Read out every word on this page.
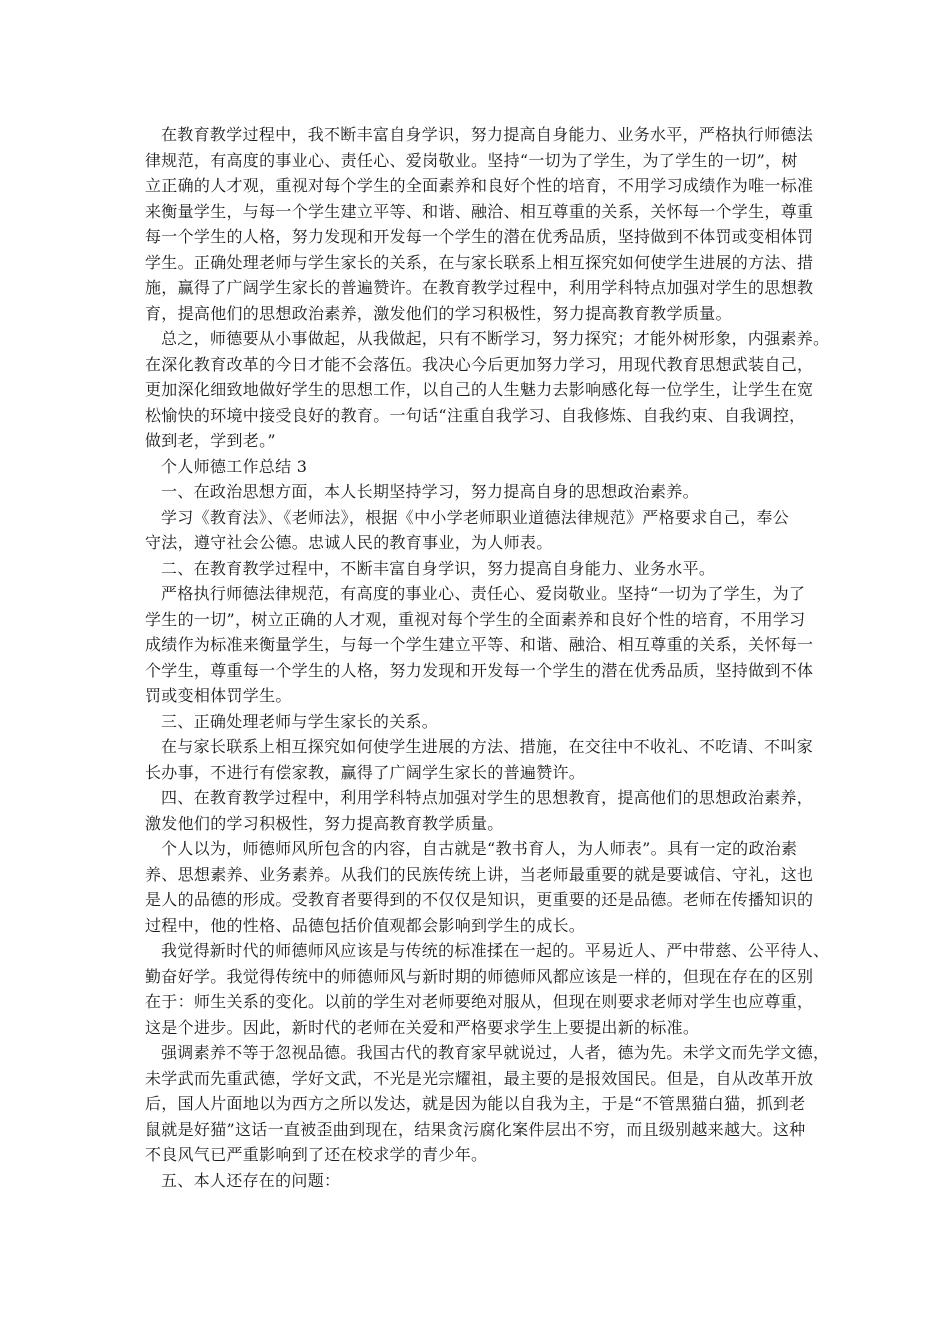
在教育教学过程中，我不断丰富自身学识，努力提高自身能力、业务水平，严格执行师德法
律规范，有高度的事业心、责任心、爱岗敬业。坚持“一切为了学生，为了学生的一切”，树
立正确的人才观，重视对每个学生的全面素养和良好个性的培育，不用学习成绩作为唯一标准
来衡量学生，与每一个学生建立平等、和谐、融洽、相互尊重的关系，关怀每一个学生，尊重
每一个学生的人格，努力发现和开发每一个学生的潜在优秀品质，坚持做到不体罚或变相体罚
学生。正确处理老师与学生家长的关系，在与家长联系上相互探究如何使学生进展的方法、措
施，赢得了广阔学生家长的普遍赞许。在教育教学过程中，利用学科特点加强对学生的思想教
育，提高他们的思想政治素养，激发他们的学习积极性，努力提高教育教学质量。
总之，师德要从小事做起，从我做起，只有不断学习，努力探究；才能外树形象，内强素养。
在深化教育改革的今日才能不会落伍。我决心今后更加努力学习，用现代教育思想武装自己，
更加深化细致地做好学生的思想工作，以自己的人生魅力去影响感化每一位学生，让学生在宽
松愉快的环境中接受良好的教育。一句话“注重自我学习、自我修炼、自我约束、自我调控，
做到老，学到老。”
个人师德工作总结 3
一、在政治思想方面，本人长期坚持学习，努力提高自身的思想政治素养。
学习《教育法》、《老师法》，根据《中小学老师职业道德法律规范》严格要求自己，奉公
守法，遵守社会公德。忠诚人民的教育事业，为人师表。
二、在教育教学过程中，不断丰富自身学识，努力提高自身能力、业务水平。
严格执行师德法律规范，有高度的事业心、责任心、爱岗敬业。坚持“一切为了学生，为了
学生的一切”，树立正确的人才观，重视对每个学生的全面素养和良好个性的培育，不用学习
成绩作为标准来衡量学生，与每一个学生建立平等、和谐、融洽、相互尊重的关系，关怀每一
个学生，尊重每一个学生的人格，努力发现和开发每一个学生的潜在优秀品质，坚持做到不体
罚或变相体罚学生。
三、正确处理老师与学生家长的关系。
在与家长联系上相互探究如何使学生进展的方法、措施，在交往中不收礼、不吃请、不叫家
长办事，不进行有偿家教，赢得了广阔学生家长的普遍赞许。
四、在教育教学过程中，利用学科特点加强对学生的思想教育，提高他们的思想政治素养，
激发他们的学习积极性，努力提高教育教学质量。
个人以为，师德师风所包含的内容，自古就是“教书育人，为人师表”。具有一定的政治素
养、思想素养、业务素养。从我们的民族传统上讲，当老师最重要的就是要诚信、守礼，这也
是人的品德的形成。受教育者要得到的不仅仅是知识，更重要的还是品德。老师在传播知识的
过程中，他的性格、品德包括价值观都会影响到学生的成长。
我觉得新时代的师德师风应该是与传统的标准揉在一起的。平易近人、严中带慈、公平待人、
勤奋好学。我觉得传统中的师德师风与新时期的师德师风都应该是一样的，但现在存在的区别
在于：师生关系的变化。以前的学生对老师要绝对服从，但现在则要求老师对学生也应尊重，
这是个进步。因此，新时代的老师在关爱和严格要求学生上要提出新的标准。
强调素养不等于忽视品德。我国古代的教育家早就说过，人者，德为先。未学文而先学文德，
未学武而先重武德，学好文武，不光是光宗耀祖，最主要的是报效国民。但是，自从改革开放
后，国人片面地以为西方之所以发达，就是因为能以自我为主，于是“不管黑猫白猫，抓到老
鼠就是好猫”这话一直被歪曲到现在，结果贪污腐化案件层出不穷，而且级别越来越大。这种
不良风气已严重影响到了还在校求学的青少年。
五、本人还存在的问题：
